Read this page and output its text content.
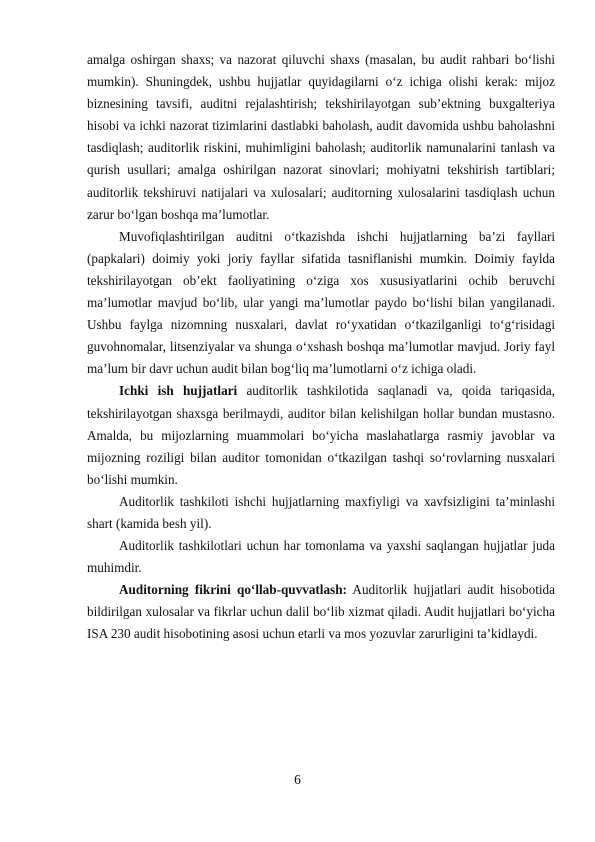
amalga oshirgan shaxs; va nazorat qiluvchi shaxs (masalan, bu audit rahbari bo‘lishi mumkin). Shuningdek, ushbu hujjatlar quyidagilarni o‘z ichiga olishi kerak: mijoz biznesining tavsifi, auditni rejalashtirish; tekshirilayotgan sub’ektning buxgalteriya hisobi va ichki nazorat tizimlarini dastlabki baholash, audit davomida ushbu baholashni tasdiqlash; auditorlik riskini, muhimligini baholash; auditorlik namunalarini tanlash va qurish usullari; amalga oshirilgan nazorat sinovlari; mohiyatni tekshirish tartiblari; auditorlik tekshiruvi natijalari va xulosalari; auditorning xulosalarini tasdiqlash uchun zarur bo‘lgan boshqa ma’lumotlar.

Muvofiqlashtirilgan auditni o‘tkazishda ishchi hujjatlarning ba’zi fayllari (papkalari) doimiy yoki joriy fayllar sifatida tasniflanishi mumkin. Doimiy faylda tekshirilayotgan ob’ekt faoliyatining o‘ziga xos xususiyatlarini ochib beruvchi ma’lumotlar mavjud bo‘lib, ular yangi ma’lumotlar paydo bo‘lishi bilan yangilanadi. Ushbu faylga nizomning nusxalari, davlat ro‘yxatidan o‘tkazilganligi to‘g‘risidagi guvohnomalar, litsenziyalar va shunga o‘xshash boshqa ma’lumotlar mavjud. Joriy fayl ma’lum bir davr uchun audit bilan bog‘liq ma’lumotlarni o‘z ichiga oladi.

Ichki ish hujjatlari auditorlik tashkilotida saqlanadi va, qoida tariqasida, tekshirilayotgan shaxsga berilmaydi, auditor bilan kelishilgan hollar bundan mustasno. Amalda, bu mijozlarning muammolari bo‘yicha maslahatlarga rasmiy javoblar va mijozning roziligi bilan auditor tomonidan o‘tkazilgan tashqi so‘rovlarning nusxalari bo‘lishi mumkin.

Auditorlik tashkiloti ishchi hujjatlarning maxfiyligi va xavfsizligini ta’minlashi shart (kamida besh yil).

Auditorlik tashkilotlari uchun har tomonlama va yaxshi saqlangan hujjatlar juda muhimdir.

Auditorning fikrini qo‘llab-quvvatlash: Auditorlik hujjatlari audit hisobotida bildirilgan xulosalar va fikrlar uchun dalil bo‘lib xizmat qiladi. Audit hujjatlari bo‘yicha ISA 230 audit hisobotining asosi uchun etarli va mos yozuvlar zarurligini ta’kidlaydi.

6
